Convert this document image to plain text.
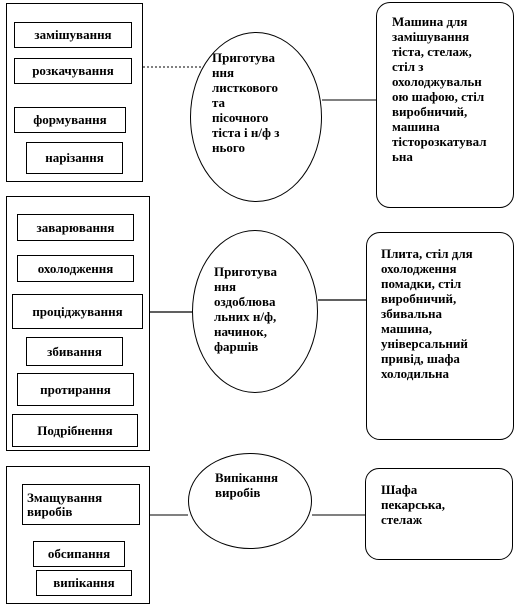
замішування
розкачування
формування
нарізання
Приготува
ння
листкового
та
пісочного
тіста і н/ф з
нього
Машина для
замішування
тіста, стелаж,
стіл з
охолоджувальн
ою шафою, стіл
виробничий,
машина
тісторозкатувал
ьна
заварювання
охолодження
проціджування
збивання
протирання
Подрібнення
Приготува
ння
оздоблюва
льних н/ф,
начинок,
фаршів
Плита, стіл для
охолодження
помадки, стіл
виробничий,
збивальна
машина,
універсальний
привід, шафа
холодильна
Змащування
виробів
обсипання
випікання
Випікання
виробів	Шафа
пекарська,
стелаж
